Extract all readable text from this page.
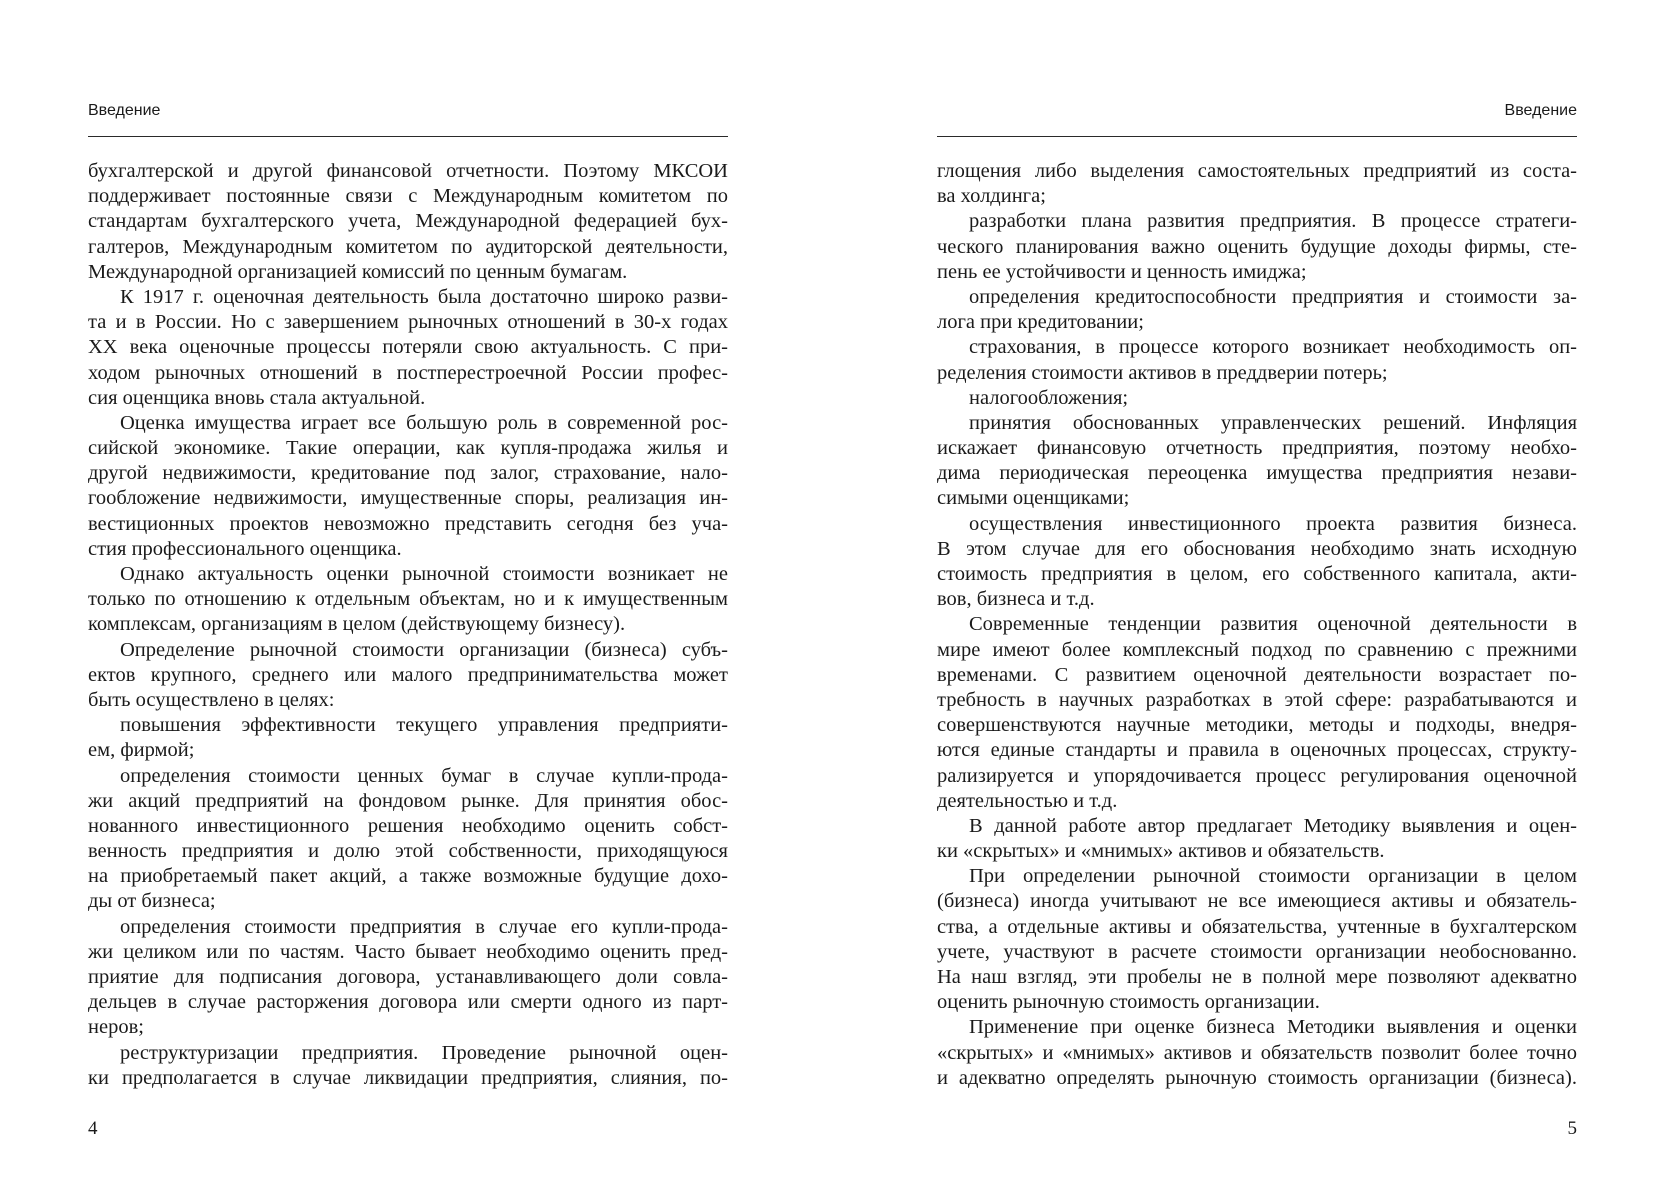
Введение
бухгалтерской и другой финансовой отчетности. Поэтому МКСОИ
поддерживает постоянные связи с Международным комитетом по
стандартам бухгалтерского учета, Международной федерацией бух-
галтеров, Международным комитетом по аудиторской деятельности,
Международной организацией комиссий по ценным бумагам.
К 1917 г. оценочная деятельность была достаточно широко разви-
та и в России. Но с завершением рыночных отношений в 30-х годах
XX века оценочные процессы потеряли свою актуальность. С при-
ходом рыночных отношений в постперестроечной России профес-
сия оценщика вновь стала актуальной.
Оценка имущества играет все большую роль в современной рос-
сийской экономике. Такие операции, как купля-продажа жилья и
другой недвижимости, кредитование под залог, страхование, нало-
гообложение недвижимости, имущественные споры, реализация ин-
вестиционных проектов невозможно представить сегодня без уча-
стия профессионального оценщика.
Однако актуальность оценки рыночной стоимости возникает не
только по отношению к отдельным объектам, но и к имущественным
комплексам, организациям в целом (действующему бизнесу).
Определение рыночной стоимости организации (бизнеса) субъ-
ектов крупного, среднего или малого предпринимательства может
быть осуществлено в целях:
повышения эффективности текущего управления предприяти-
ем, фирмой;
определения стоимости ценных бумаг в случае купли-прода-
жи акций предприятий на фондовом рынке. Для принятия обос-
нованного инвестиционного решения необходимо оценить собст-
венность предприятия и долю этой собственности, приходящуюся
на приобретаемый пакет акций, а также возможные будущие дохо-
ды от бизнеса;
определения стоимости предприятия в случае его купли-прода-
жи целиком или по частям. Часто бывает необходимо оценить пред-
приятие для подписания договора, устанавливающего доли совла-
дельцев в случае расторжения договора или смерти одного из парт-
неров;
реструктуризации предприятия. Проведение рыночной оцен-
ки предполагается в случае ликвидации предприятия, слияния, по-
4
Введение
глощения либо выделения самостоятельных предприятий из соста-
ва холдинга;
разработки плана развития предприятия. В процессе стратеги-
ческого планирования важно оценить будущие доходы фирмы, сте-
пень ее устойчивости и ценность имиджа;
определения кредитоспособности предприятия и стоимости за-
лога при кредитовании;
страхования, в процессе которого возникает необходимость оп-
ределения стоимости активов в преддверии потерь;
налогообложения;
принятия обоснованных управленческих решений. Инфляция
искажает финансовую отчетность предприятия, поэтому необхо-
дима периодическая переоценка имущества предприятия незави-
симыми оценщиками;
осуществления инвестиционного проекта развития бизнеса.
В этом случае для его обоснования необходимо знать исходную
стоимость предприятия в целом, его собственного капитала, акти-
вов, бизнеса и т.д.
Современные тенденции развития оценочной деятельности в
мире имеют более комплексный подход по сравнению с прежними
временами. С развитием оценочной деятельности возрастает по-
требность в научных разработках в этой сфере: разрабатываются и
совершенствуются научные методики, методы и подходы, внедря-
ются единые стандарты и правила в оценочных процессах, структу-
рализируется и упорядочивается процесс регулирования оценочной
деятельностью и т.д.
В данной работе автор предлагает Методику выявления и оцен-
ки «скрытых» и «мнимых» активов и обязательств.
При определении рыночной стоимости организации в целом
(бизнеса) иногда учитывают не все имеющиеся активы и обязатель-
ства, а отдельные активы и обязательства, учтенные в бухгалтерском
учете, участвуют в расчете стоимости организации необоснованно.
На наш взгляд, эти пробелы не в полной мере позволяют адекватно
оценить рыночную стоимость организации.
Применение при оценке бизнеса Методики выявления и оценки
«скрытых» и «мнимых» активов и обязательств позволит более точно
и адекватно определять рыночную стоимость организации (бизнеса).
5
